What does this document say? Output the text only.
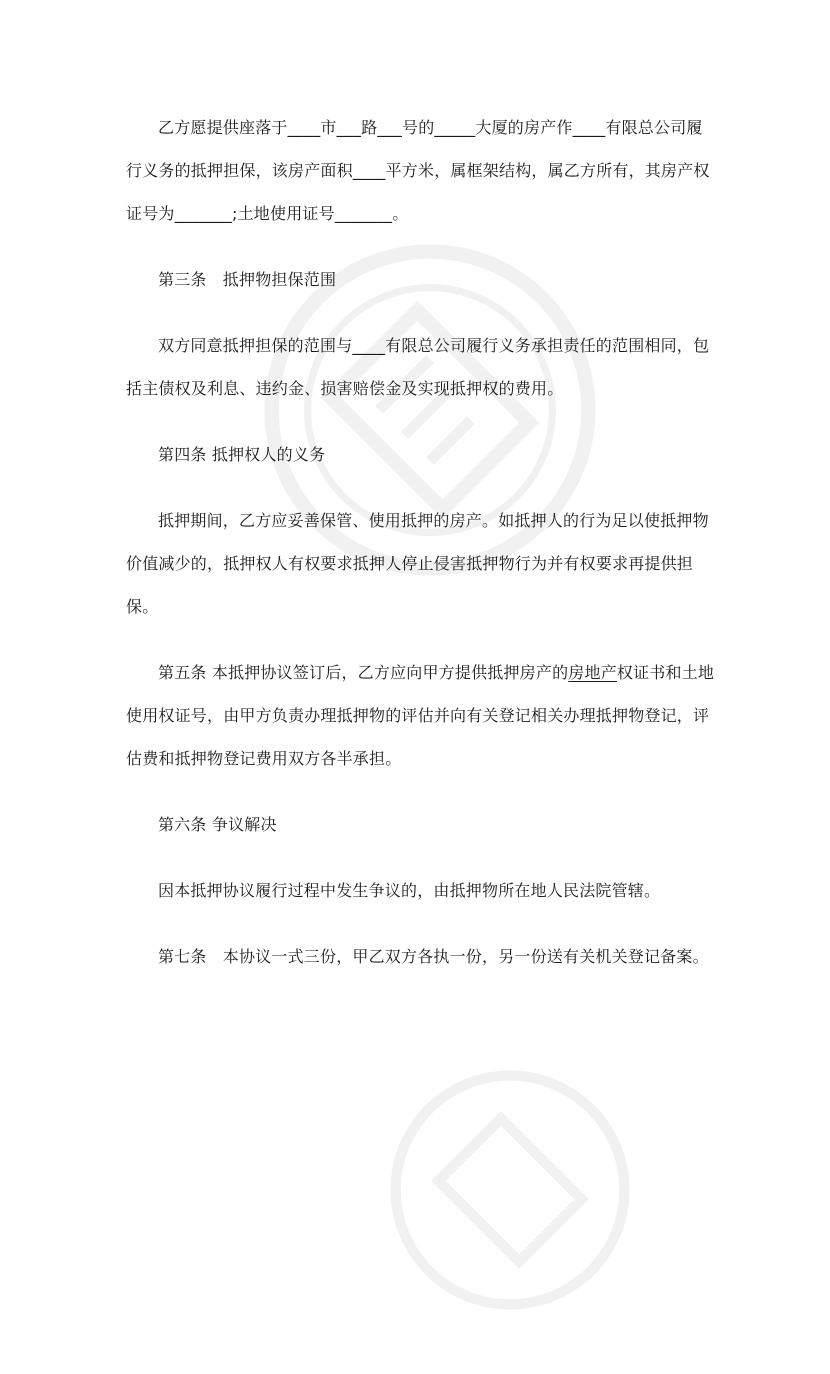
乙方愿提供座落于____市___路___号的_____大厦的房产作____有限总公司履行义务的抵押担保，该房产面积____平方米，属框架结构，属乙方所有，其房产权证号为_______;土地使用证号_______。

第三条　抵押物担保范围

双方同意抵押担保的范围与____有限总公司履行义务承担责任的范围相同，包括主债权及利息、违约金、损害赔偿金及实现抵押权的费用。

第四条 抵押权人的义务

抵押期间，乙方应妥善保管、使用抵押的房产。如抵押人的行为足以使抵押物价值减少的，抵押权人有权要求抵押人停止侵害抵押物行为并有权要求再提供担保。

第五条 本抵押协议签订后，乙方应向甲方提供抵押房产的房地产权证书和土地使用权证号，由甲方负责办理抵押物的评估并向有关登记相关办理抵押物登记，评估费和抵押物登记费用双方各半承担。

第六条 争议解决

因本抵押协议履行过程中发生争议的，由抵押物所在地人民法院管辖。

第七条　本协议一式三份，甲乙双方各执一份，另一份送有关机关登记备案。
